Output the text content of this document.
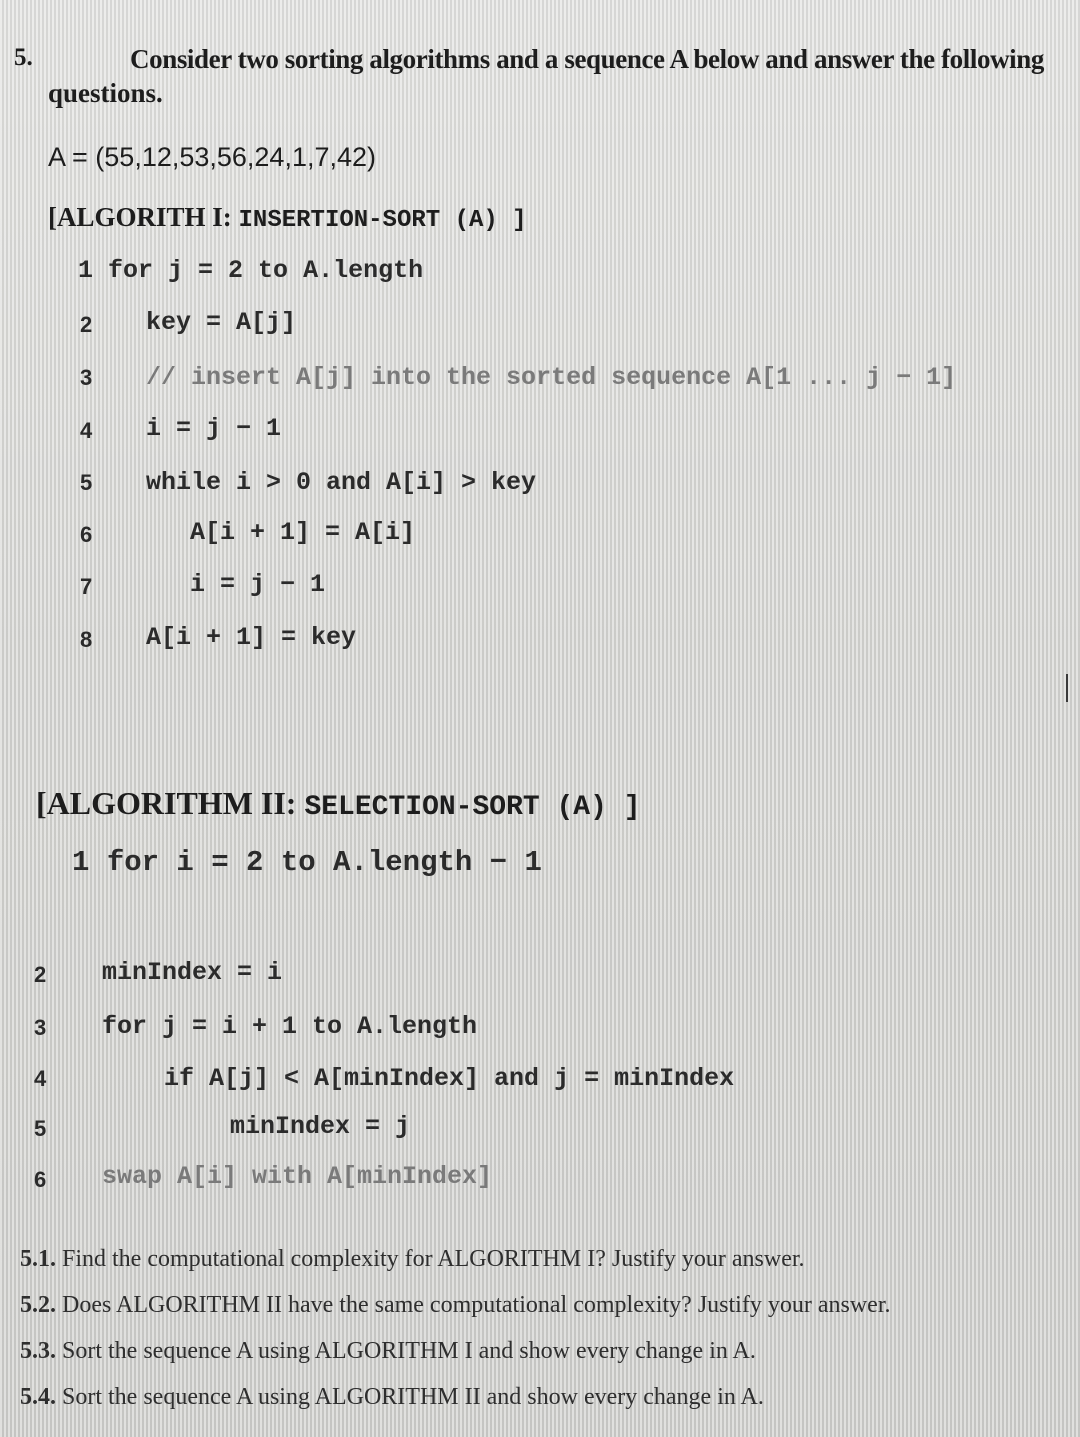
5.	Consider two sorting algorithms and a sequence A below and answer the following
questions.
A = (55,12,53,56,24,1,7,42)
[ALGORITH I: INSERTION-SORT (A) ]
1 for j = 2 to A.length
2 key = A[j]
3 // insert A[j] into the sorted sequence A[1 ... j − 1]
4 i = j − 1
5 while i > 0 and A[i] > key
6	A[i + 1] = A[i]
7	i = j − 1
8 A[i + 1] = key
[ALGORITHM II: SELECTION-SORT (A) ]
1 for i = 2 to A.length − 1
2 minIndex = i
3 for j = i + 1 to A.length
4	if A[j] < A[minIndex] and j = minIndex
5	minIndex = j
6 swap A[i] with A[minIndex]
5.1. Find the computational complexity for ALGORITHM I? Justify your answer.
5.2. Does ALGORITHM II have the same computational complexity? Justify your answer.
5.3. Sort the sequence A using ALGORITHM I and show every change in A.
5.4. Sort the sequence A using ALGORITHM II and show every change in A.
